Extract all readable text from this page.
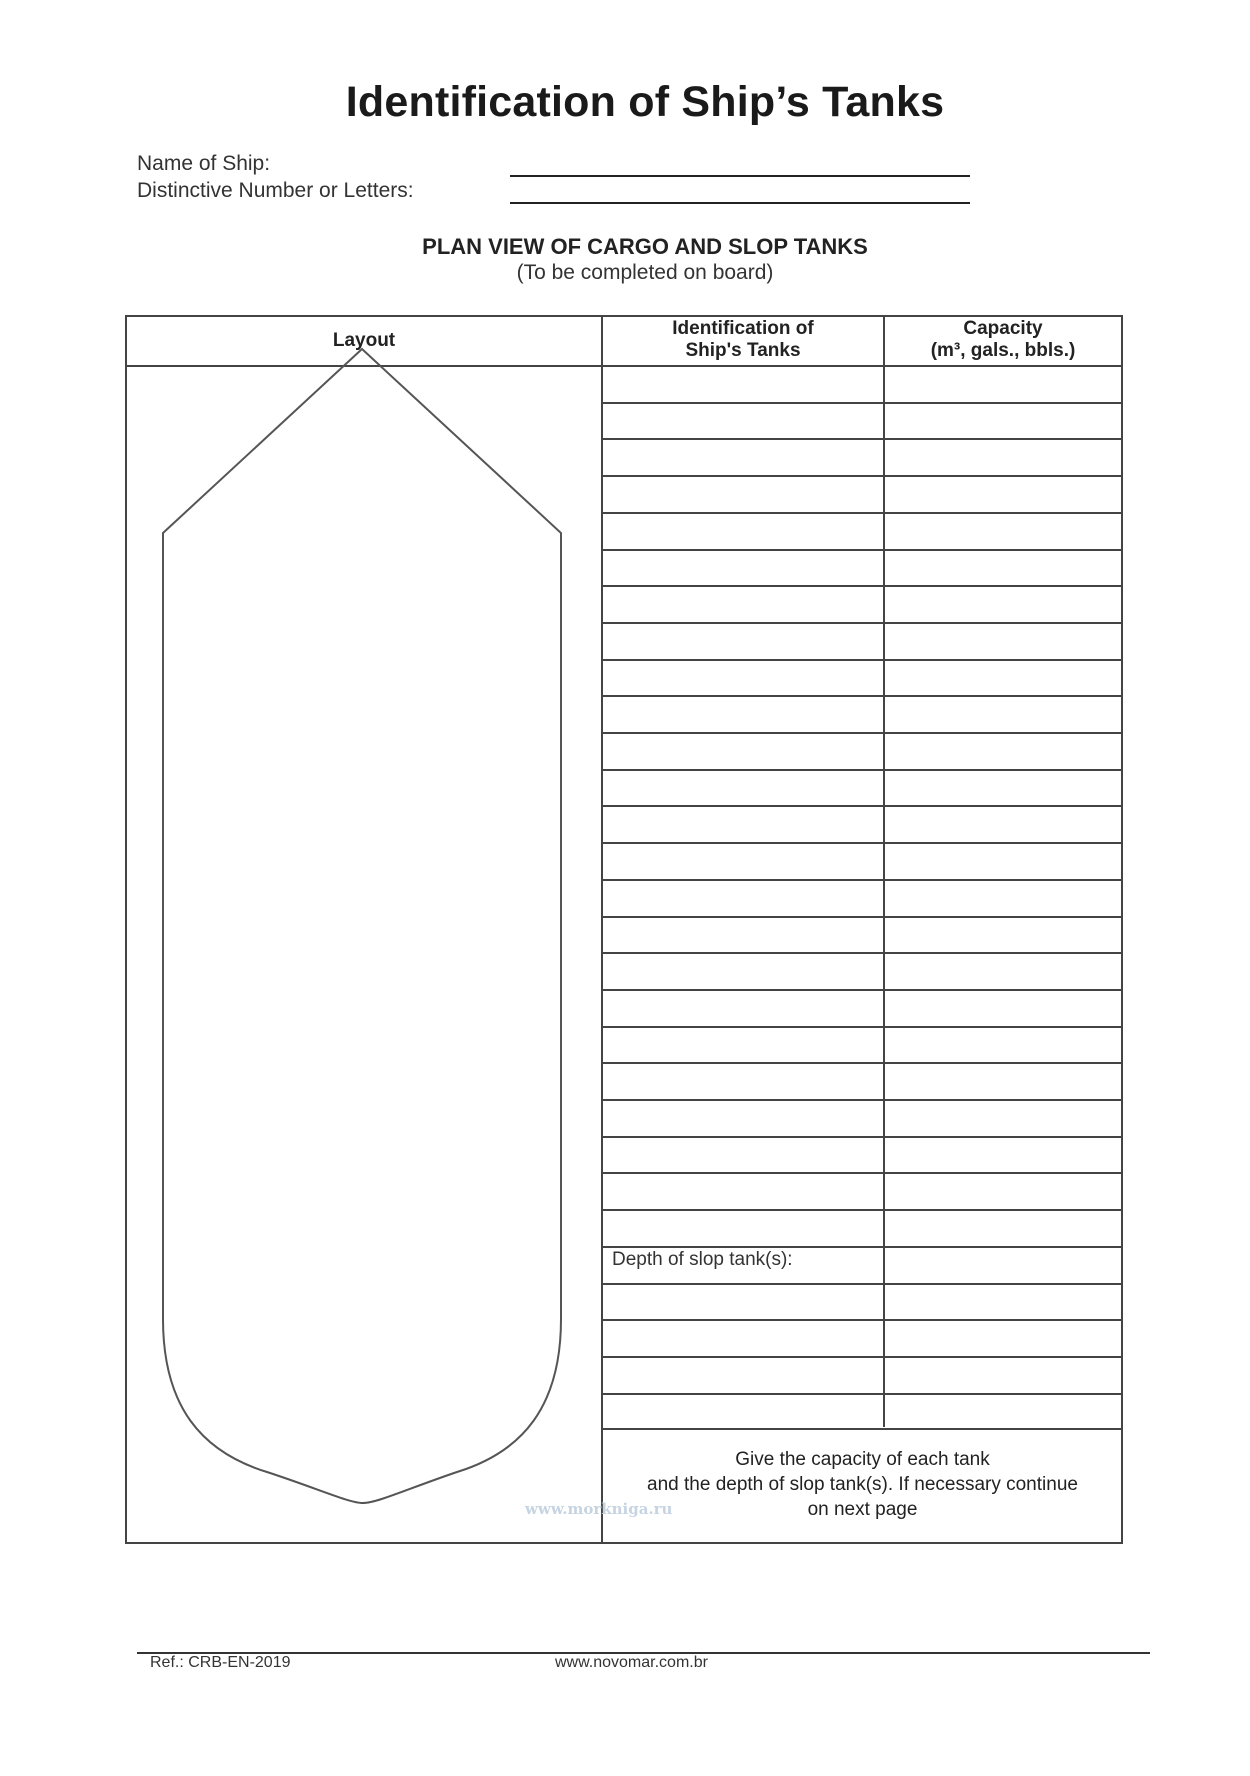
Identification of Ship’s Tanks
Name of Ship:
Distinctive Number or Letters:
PLAN VIEW OF CARGO AND SLOP TANKS
(To be completed on board)
Layout
Identification of
Ship's Tanks
Capacity
(m³, gals., bbls.)
Depth of slop tank(s):
Give the capacity of each tank
and the depth of slop tank(s). If necessary continue
on next page
www.morkniga.ru
Ref.: CRB-EN-2019	www.novomar.com.br
